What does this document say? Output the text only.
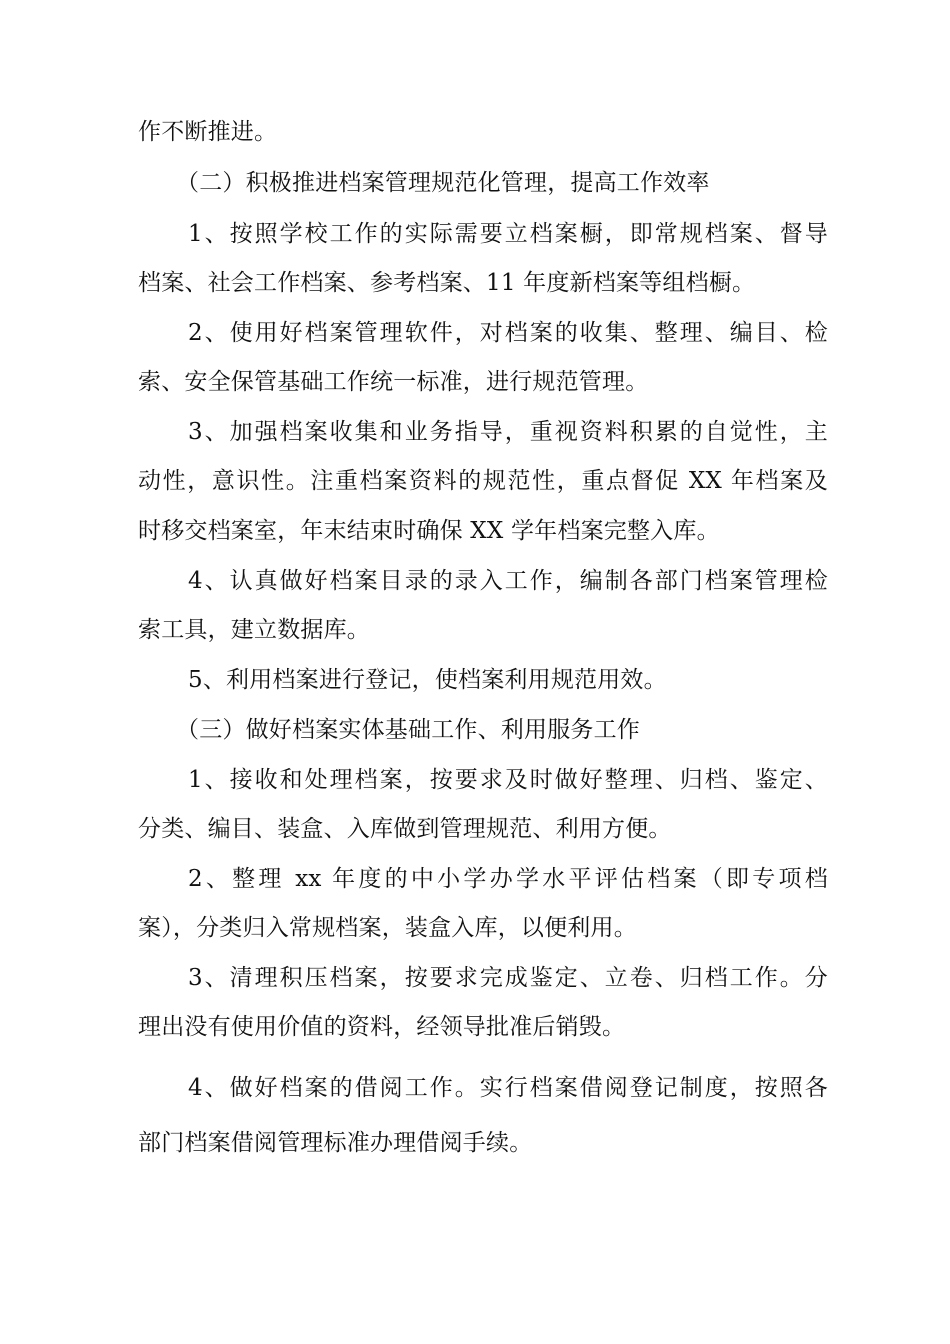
作不断推进。
（二）积极推进档案管理规范化管理，提高工作效率
1、按照学校工作的实际需要立档案橱，即常规档案、督导
档案、社会工作档案、参考档案、11 年度新档案等组档橱。
2、使用好档案管理软件，对档案的收集、整理、编目、检
索、安全保管基础工作统一标准，进行规范管理。
3、加强档案收集和业务指导，重视资料积累的自觉性，主
动性，意识性。注重档案资料的规范性，重点督促 XX 年档案及
时移交档案室，年末结束时确保 XX 学年档案完整入库。
4、认真做好档案目录的录入工作，编制各部门档案管理检
索工具，建立数据库。
5、利用档案进行登记，使档案利用规范用效。
（三）做好档案实体基础工作、利用服务工作
1、接收和处理档案，按要求及时做好整理、归档、鉴定、
分类、编目、装盒、入库做到管理规范、利用方便。
2、整理 xx 年度的中小学办学水平评估档案（即专项档
案），分类归入常规档案，装盒入库，以便利用。
3、清理积压档案，按要求完成鉴定、立卷、归档工作。分
理出没有使用价值的资料，经领导批准后销毁。
4、做好档案的借阅工作。实行档案借阅登记制度，按照各
部门档案借阅管理标准办理借阅手续。
